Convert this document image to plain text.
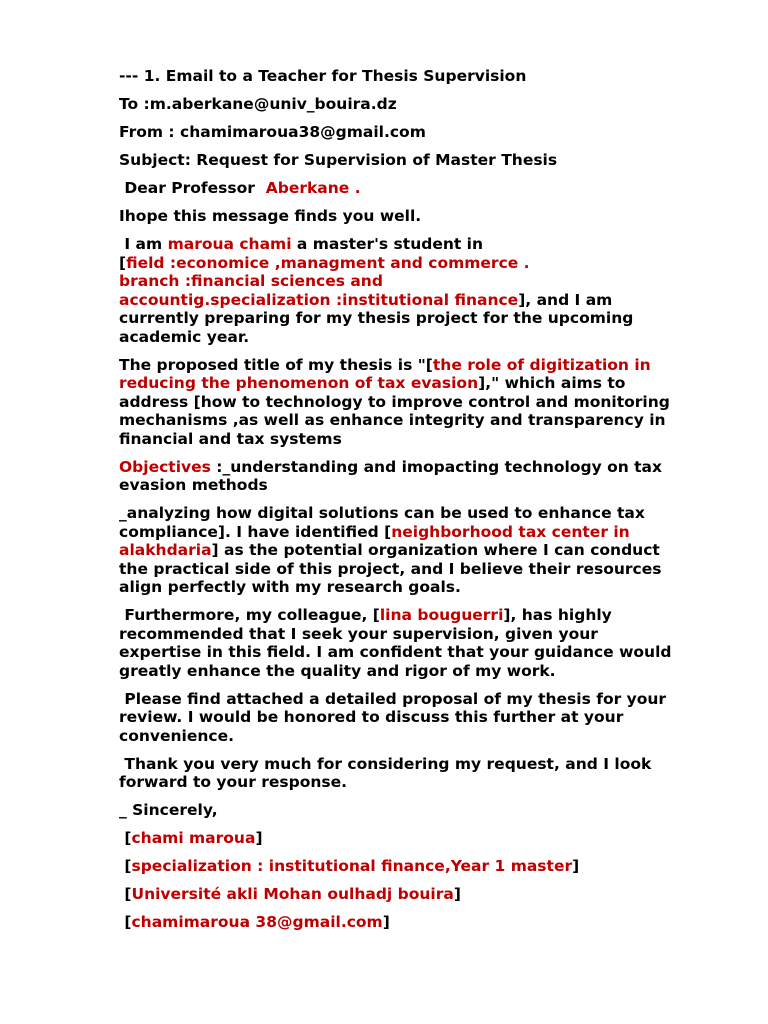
--- 1. Email to a Teacher for Thesis Supervision
To :m.aberkane@univ_bouira.dz
From : chamimaroua38@gmail.com
Subject: Request for Supervision of Master Thesis
Dear Professor  Aberkane .
Ihope this message finds you well.
I am maroua chami a master's student in
[field :economice ,managment and commerce .
branch :financial sciences and
accountig.specialization :institutional finance], and I am
currently preparing for my thesis project for the upcoming
academic year.
The proposed title of my thesis is "[the role of digitization in
reducing the phenomenon of tax evasion]," which aims to
address [how to technology to improve control and monitoring
mechanisms ,as well as enhance integrity and transparency in
financial and tax systems
Objectives :_understanding and imopacting technology on tax
evasion methods
_analyzing how digital solutions can be used to enhance tax
compliance]. I have identified [neighborhood tax center in
alakhdaria] as the potential organization where I can conduct
the practical side of this project, and I believe their resources
align perfectly with my research goals.
Furthermore, my colleague, [lina bouguerri], has highly
recommended that I seek your supervision, given your
expertise in this field. I am confident that your guidance would
greatly enhance the quality and rigor of my work.
Please find attached a detailed proposal of my thesis for your
review. I would be honored to discuss this further at your
convenience.
Thank you very much for considering my request, and I look
forward to your response.
_ Sincerely,
[chami maroua]
[specialization : institutional finance,Year 1 master]
[Université akli Mohan oulhadj bouira]
[chamimaroua 38@gmail.com]
